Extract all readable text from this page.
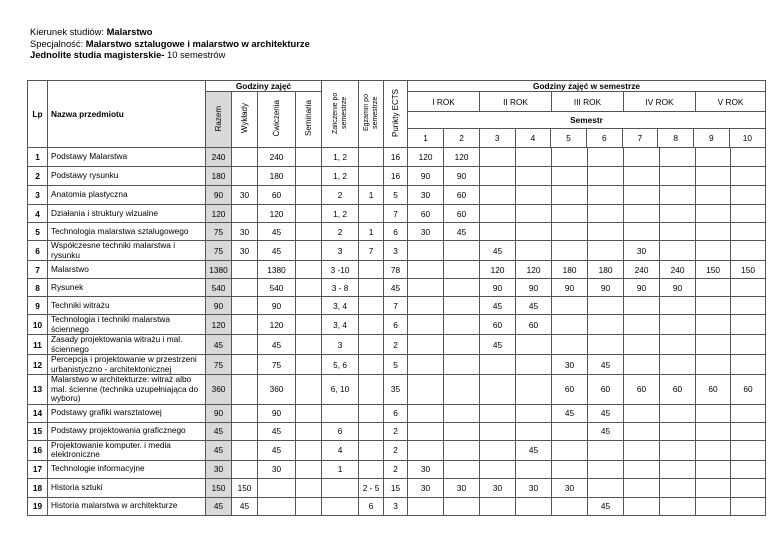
Kierunek studiów: Malarstwo
Specjalność: Malarstwo sztalugowe i malarstwo w architekturze
Jednolite studia magisterskie- 10 semestrów
Lp	Nazwa przedmiotu	Godziny zajęć	Zaliczenie po semestrze	Egzamin po semestrze	Punkty ECTS	Godziny zajęć w semestrze
Razem	Wykłady	Ćwiczenia	Seminaria	I ROK	II ROK	III ROK	IV ROK	V ROK

Semestr
1	2	3	4	5	6	7	8	9	10

1	Podstawy Malarstwa	240		240		1, 2		16	120	120								
2	Podstawy rysunku	180		180		1, 2		16	90	90								
3	Anatomia plastyczna	90	30	60		2	1	5	30	60								
4	Działania i struktury wizualne	120		120		1, 2		7	60	60								
5	Technologia malarstwa sztalugowego	75	30	45		2	1	6	30	45								
6	Współczesne techniki malarstwa i rysunku	75	30	45		3	7	3			45				30			
7	Malarstwo	1380		1380		3 -10		78			120	120	180	180	240	240	150	150
8	Rysunek	540		540		3 - 8		45			90	90	90	90	90	90		
9	Techniki witrażu	90		90		3, 4		7			45	45						
10	Technologia i techniki malarstwa ściennego	120		120		3, 4		6			60	60						
11	Zasady projektowania witrażu i mal. ściennego	45		45		3		2			45							
12	Percepcja i projektowanie w przestrzeni urbanistyczno - architektonicznej	75		75		5, 6		5					30	45				
13	Malarstwo w architekturze: witraż albo mal. ścienne (technika uzupełniająca do wyboru)	360		360		6, 10		35					60	60	60	60	60	60
14	Podstawy grafiki warsztatowej	90		90				6					45	45				
15	Podstawy projektowania graficznego	45		45		6		2						45				
16	Projektowanie komputer. i media elektroniczne	45		45		4		2				45						
17	Technologie informacyjne	30		30		1		2	30									
18	Historia sztuki	150	150				2 - 5	15	30	30	30	30	30					
19	Historia malarstwa w architekturze	45	45				6	3						45				
